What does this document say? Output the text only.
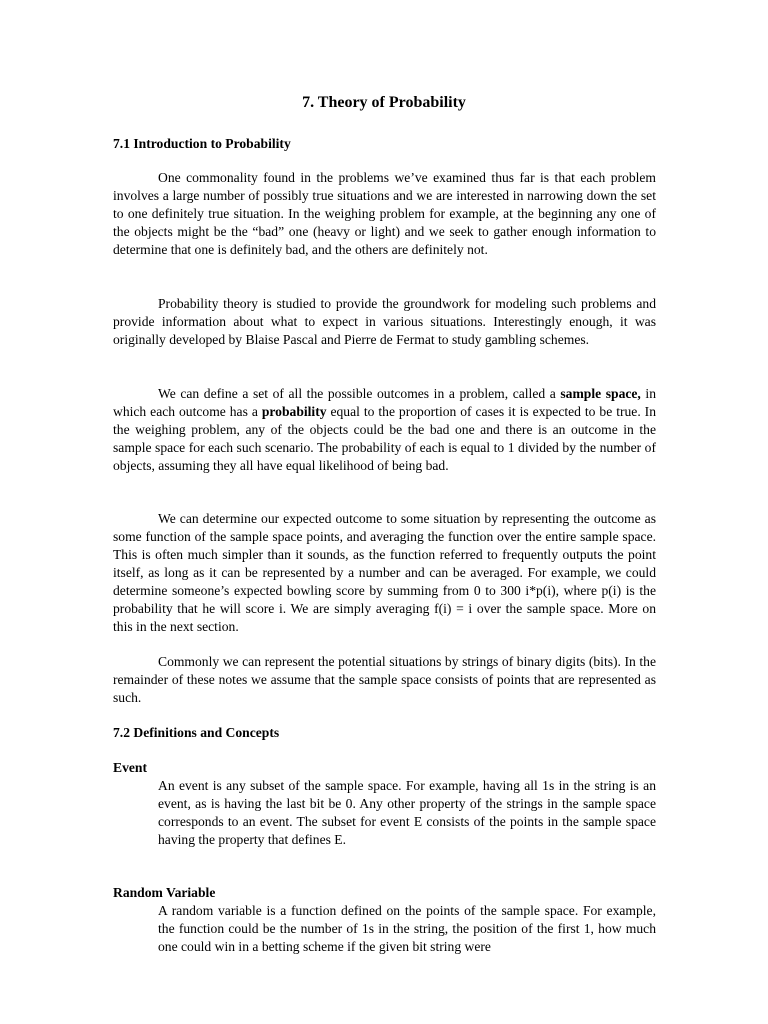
7. Theory of Probability
7.1 Introduction to Probability

One commonality found in the problems we’ve examined thus far is that each problem involves a large number of possibly true situations and we are interested in narrowing down the set to one definitely true situation. In the weighing problem for example, at the beginning any one of the objects might be the “bad” one (heavy or light) and we seek to gather enough information to determine that one is definitely bad, and the others are definitely not.

Probability theory is studied to provide the groundwork for modeling such problems and provide information about what to expect in various situations. Interestingly enough, it was originally developed by Blaise Pascal and Pierre de Fermat to study gambling schemes.

We can define a set of all the possible outcomes in a problem, called a sample space, in which each outcome has a probability equal to the proportion of cases it is expected to be true. In the weighing problem, any of the objects could be the bad one and there is an outcome in the sample space for each such scenario. The probability of each is equal to 1 divided by the number of objects, assuming they all have equal likelihood of being bad.

We can determine our expected outcome to some situation by representing the outcome as some function of the sample space points, and averaging the function over the entire sample space. This is often much simpler than it sounds, as the function referred to frequently outputs the point itself, as long as it can be represented by a number and can be averaged. For example, we could determine someone’s expected bowling score by summing from 0 to 300 i*p(i), where p(i) is the probability that he will score i. We are simply averaging f(i) = i over the sample space. More on this in the next section.

Commonly we can represent the potential situations by strings of binary digits (bits). In the remainder of these notes we assume that the sample space consists of points that are represented as such.

7.2 Definitions and Concepts
Event

An event is any subset of the sample space. For example, having all 1s in the string is an event, as is having the last bit be 0. Any other property of the strings in the sample space corresponds to an event. The subset for event E consists of the points in the sample space having the property that defines E.

Random Variable

A random variable is a function defined on the points of the sample space. For example, the function could be the number of 1s in the string, the position of the first 1, how much one could win in a betting scheme if the given bit string were
